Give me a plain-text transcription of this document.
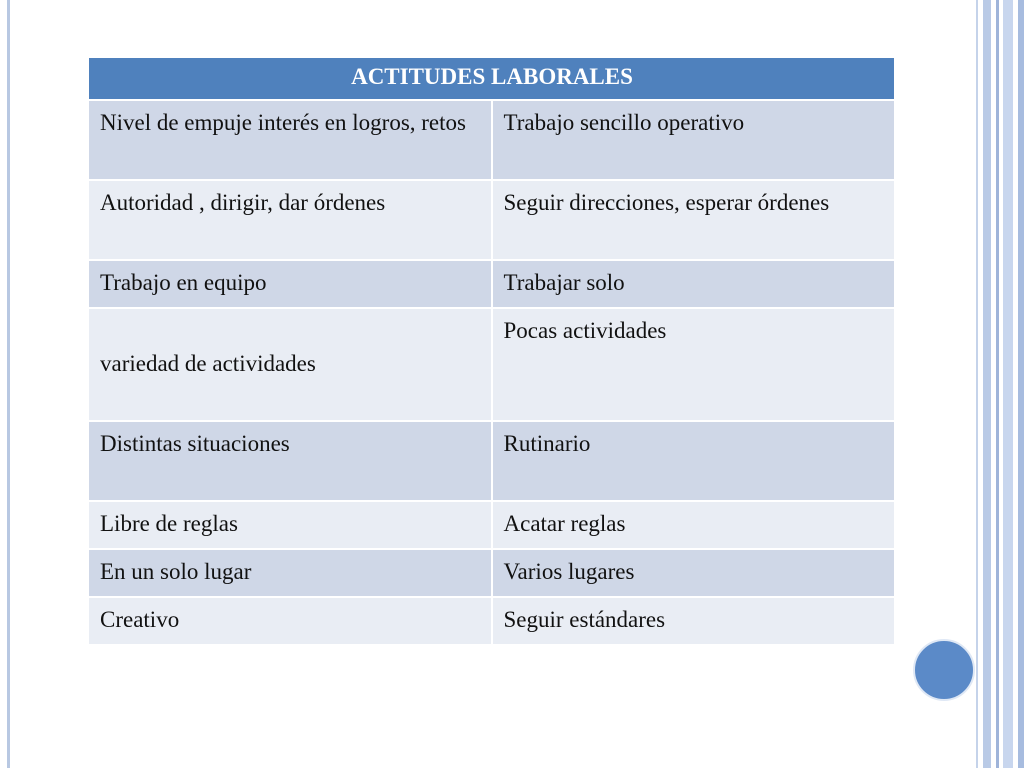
ACTITUDES LABORALES	
Nivel de empuje interés en logros, retos	Trabajo sencillo operativo
Autoridad , dirigir, dar órdenes	Seguir direcciones, esperar órdenes
Trabajo en equipo	Trabajar solo
variedad de actividades	Pocas actividades
Distintas situaciones	Rutinario
Libre de reglas	Acatar reglas
En un solo lugar	Varios lugares
Creativo	Seguir estándares
